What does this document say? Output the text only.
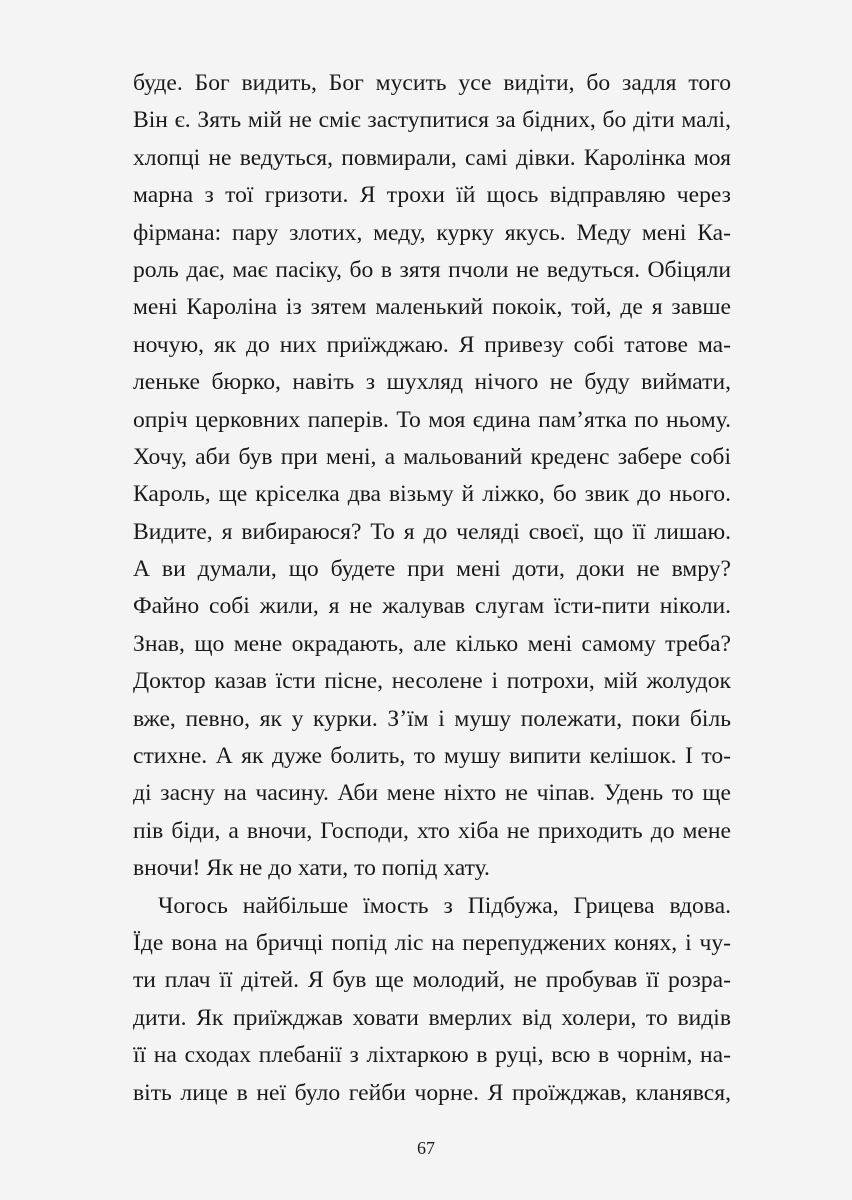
буде. Бог видить, Бог мусить усе видіти, бо задля того
Він є. Зять мій не сміє заступитися за бідних, бо діти малі,
хлопці не ведуться, повмирали, самі дівки. Каролінка моя
марна з тої гризоти. Я трохи їй щось відправляю через
фірмана: пару злотих, меду, курку якусь. Меду мені Ка-
роль дає, має пасіку, бо в зятя пчоли не ведуться. Обіцяли
мені Кароліна із зятем маленький покоік, той, де я завше
ночую, як до них приїжджаю. Я привезу собі татове ма-
леньке бюрко, навіть з шухляд нічого не буду виймати,
опріч церковних паперів. То моя єдина пам’ятка по ньому.
Хочу, аби був при мені, а мальований креденс забере собі
Кароль, ще кріселка два візьму й ліжко, бо звик до нього.
Видите, я вибираюся? То я до челяді своєї, що її лишаю.
А ви думали, що будете при мені доти, доки не вмру?
Файно собі жили, я не жалував слугам їсти-пити ніколи.
Знав, що мене окрадають, але кілько мені самому треба?
Доктор казав їсти пісне, несолене і потрохи, мій жолудок
вже, певно, як у курки. З’їм і мушу полежати, поки біль
стихне. А як дуже болить, то мушу випити келішок. І то-
ді засну на часину. Аби мене ніхто не чіпав. Удень то ще
пів біди, а вночи, Господи, хто хіба не приходить до мене
вночи! Як не до хати, то попід хату.
Чогось найбільше їмость з Підбужа, Грицева вдова.
Їде вона на бричці попід ліс на перепуджених конях, і чу-
ти плач її дітей. Я був ще молодий, не пробував її розра-
дити. Як приїжджав ховати вмерлих від холери, то видів
її на сходах плебанії з ліхтаркою в руці, всю в чорнім, на-
віть лице в неї було гейби чорне. Я проїжджав, кланявся,
67
